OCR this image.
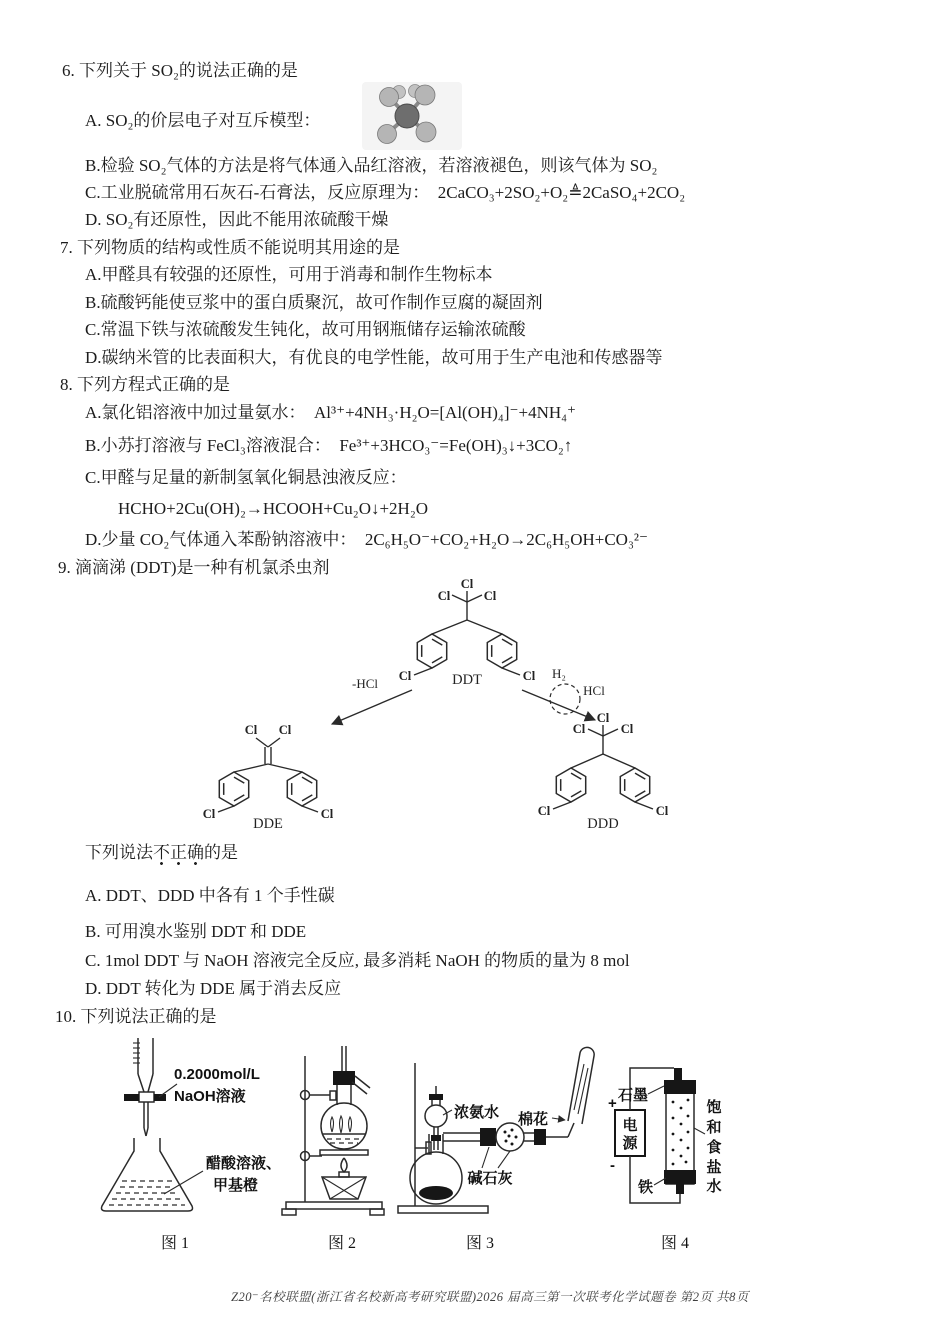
6. 下列关于 SO₂的说法正确的是
A. SO₂的价层电子对互斥模型：
B.检验 SO₂气体的方法是将气体通入品红溶液，若溶液褪色，则该气体为 SO₂
C.工业脱硫常用石灰石-石膏法，反应原理为：  2CaCO₃+2SO₂+O₂≜2CaSO₄+2CO₂
D. SO₂有还原性，因此不能用浓硫酸干燥
7. 下列物质的结构或性质不能说明其用途的是
A.甲醛具有较强的还原性，可用于消毒和制作生物标本
B.硫酸钙能使豆浆中的蛋白质聚沉，故可作制作豆腐的凝固剂
C.常温下铁与浓硫酸发生钝化，故可用钢瓶储存运输浓硫酸
D.碳纳米管的比表面积大，有优良的电学性能，故可用于生产电池和传感器等
8. 下列方程式正确的是
A.氯化铝溶液中加过量氨水：  Al³⁺+4NH₃·H₂O=[Al(OH)₄]⁻+4NH₄⁺
B.小苏打溶液与 FeCl₃溶液混合：  Fe³⁺+3HCO₃⁻=Fe(OH)₃↓+3CO₂↑
C.甲醛与足量的新制氢氧化铜悬浊液反应：
HCHO+2Cu(OH)₂→HCOOH+Cu₂O↓+2H₂O
D.少量 CO₂气体通入苯酚钠溶液中：  2C₆H₅O⁻+CO₂+H₂O→2C₆H₅OH+CO₃²⁻
9. 滴滴涕 (DDT)是一种有机氯杀虫剂
Cl
Cl	Cl
Cl	Cl
DDT
-HCl
H₂
HCl
Cl Cl
Cl	Cl
DDE
Cl
Cl	Cl
Cl	Cl
DDD
下列说法不正确的是
A. DDT、DDD 中各有 1 个手性碳
B. 可用溴水鉴别 DDT 和 DDE
C. 1mol DDT 与 NaOH 溶液完全反应, 最多消耗 NaOH 的物质的量为 8 mol
D. DDT 转化为 DDE 属于消去反应
10. 下列说法正确的是
0.2000mol/L
NaOH溶液
醋酸溶液、
甲基橙
图 1	图 2
浓氨水 棉花
碱石灰
图 3
电
源
+
-
石墨
铁
饱
和
食
盐
水
图 4
Z20⁻名校联盟(浙江省名校新高考研究联盟)2026 届高三第一次联考化学试题卷 第2页 共8页
